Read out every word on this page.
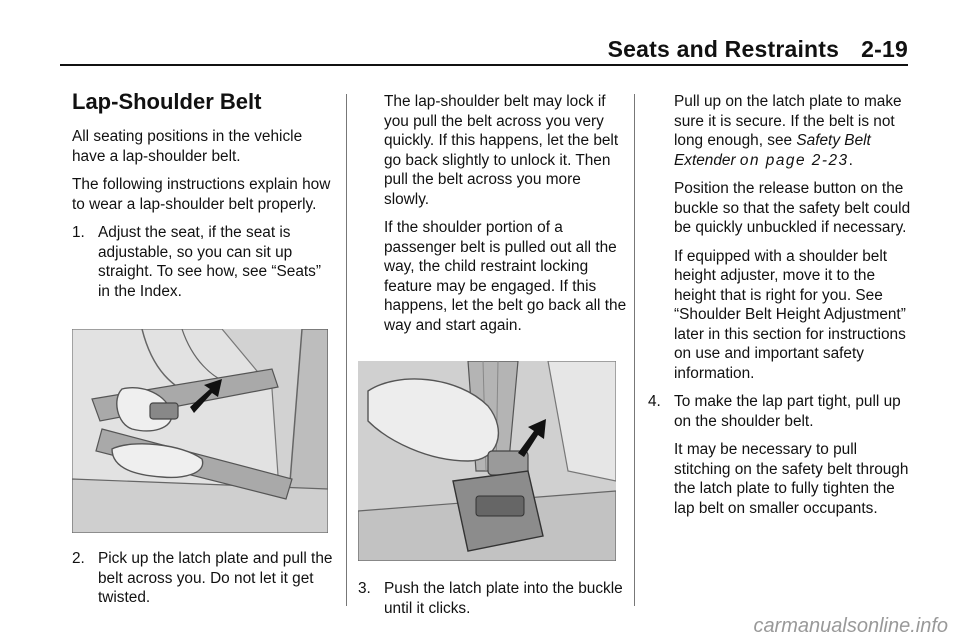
Seats and Restraints 2-19
Lap-Shoulder Belt
All seating positions in the vehicle have a lap-shoulder belt.
The following instructions explain how to wear a lap-shoulder belt properly.
1. Adjust the seat, if the seat is adjustable, so you can sit up straight. To see how, see “Seats” in the Index.
2. Pick up the latch plate and pull the belt across you. Do not let it get twisted.
The lap-shoulder belt may lock if you pull the belt across you very quickly. If this happens, let the belt go back slightly to unlock it. Then pull the belt across you more slowly.
If the shoulder portion of a passenger belt is pulled out all the way, the child restraint locking feature may be engaged. If this happens, let the belt go back all the way and start again.
3. Push the latch plate into the buckle until it clicks.
Pull up on the latch plate to make sure it is secure. If the belt is not long enough, see Safety Belt Extender on page 2-23.
Position the release button on the buckle so that the safety belt could be quickly unbuckled if necessary.
If equipped with a shoulder belt height adjuster, move it to the height that is right for you. See “Shoulder Belt Height Adjustment” later in this section for instructions on use and important safety information.
4. To make the lap part tight, pull up on the shoulder belt.
It may be necessary to pull stitching on the safety belt through the latch plate to fully tighten the lap belt on smaller occupants.
carmanualsonline.info
